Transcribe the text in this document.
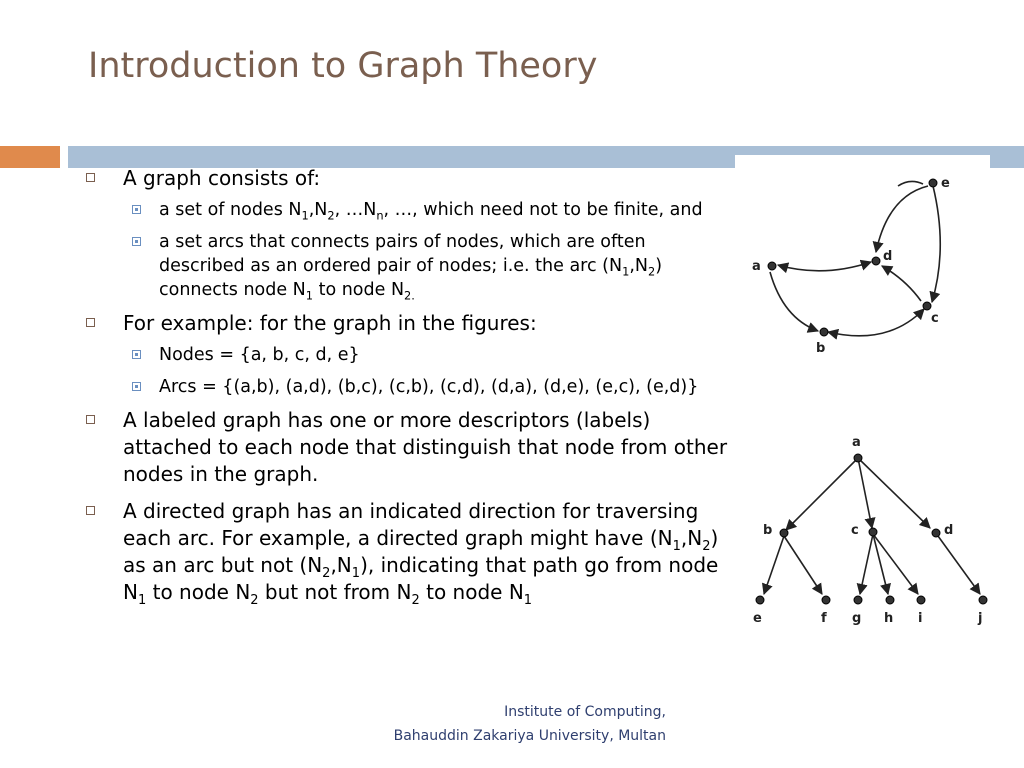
Introduction to Graph Theory
A graph consists of:
a set of nodes $N_1,N_2$, $\dots N_n$, …, which need not to be finite, and
a set arcs that connects pairs of nodes, which are often described as an ordered pair of nodes; i.e. the arc $(N_1,N_2)$ connects node $N_1$ to node $N_{2.}$
For example: for the graph in the figures:
Nodes = {a, b, c, d, e}
Arcs = {(a,b), (a,d), (b,c), (c,b), (c,d), (d,a), (d,e), (e,c), (e,d)}
A labeled graph has one or more descriptors (labels) attached to each node that distinguish that node from other nodes in the graph.
A directed graph has an indicated direction for traversing each arc. For example, a directed graph might have $(N_1,N_2)$ as an arc but not $(N_2,N_1)$, indicating that path go from node $N_1$ to node $N_2$ but not from $N_2$ to node $N_1$
a
b
c
d
e
a
b	c	d
e	f g h i	j
Institute of Computing,
Bahauddin Zakariya University, Multan
